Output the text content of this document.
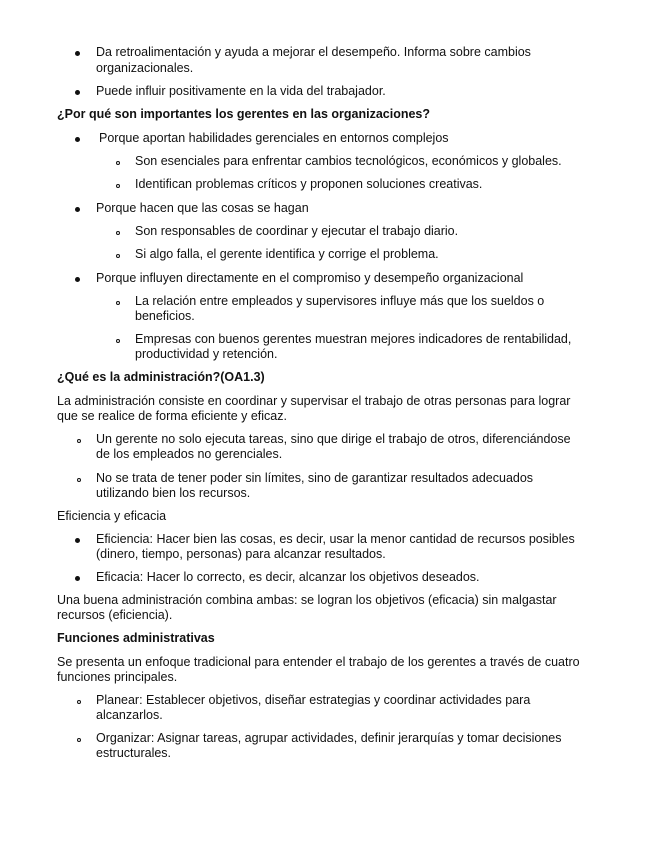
Da retroalimentación y ayuda a mejorar el desempeño. Informa sobre cambios
organizacionales.
Puede influir positivamente en la vida del trabajador.
¿Por qué son importantes los gerentes en las organizaciones?
Porque aportan habilidades gerenciales en entornos complejos
Son esenciales para enfrentar cambios tecnológicos, económicos y globales.
Identifican problemas críticos y proponen soluciones creativas.
Porque hacen que las cosas se hagan
Son responsables de coordinar y ejecutar el trabajo diario.
Si algo falla, el gerente identifica y corrige el problema.
Porque influyen directamente en el compromiso y desempeño organizacional
La relación entre empleados y supervisores influye más que los sueldos o
beneficios.
Empresas con buenos gerentes muestran mejores indicadores de rentabilidad,
productividad y retención.
¿Qué es la administración?(OA1.3)
La administración consiste en coordinar y supervisar el trabajo de otras personas para lograr
que se realice de forma eficiente y eficaz.
Un gerente no solo ejecuta tareas, sino que dirige el trabajo de otros, diferenciándose
de los empleados no gerenciales.
No se trata de tener poder sin límites, sino de garantizar resultados adecuados
utilizando bien los recursos.
Eficiencia y eficacia
Eficiencia: Hacer bien las cosas, es decir, usar la menor cantidad de recursos posibles
(dinero, tiempo, personas) para alcanzar resultados.
Eficacia: Hacer lo correcto, es decir, alcanzar los objetivos deseados.
Una buena administración combina ambas: se logran los objetivos (eficacia) sin malgastar
recursos (eficiencia).
Funciones administrativas
Se presenta un enfoque tradicional para entender el trabajo de los gerentes a través de cuatro
funciones principales.
Planear: Establecer objetivos, diseñar estrategias y coordinar actividades para
alcanzarlos.
Organizar: Asignar tareas, agrupar actividades, definir jerarquías y tomar decisiones
estructurales.
